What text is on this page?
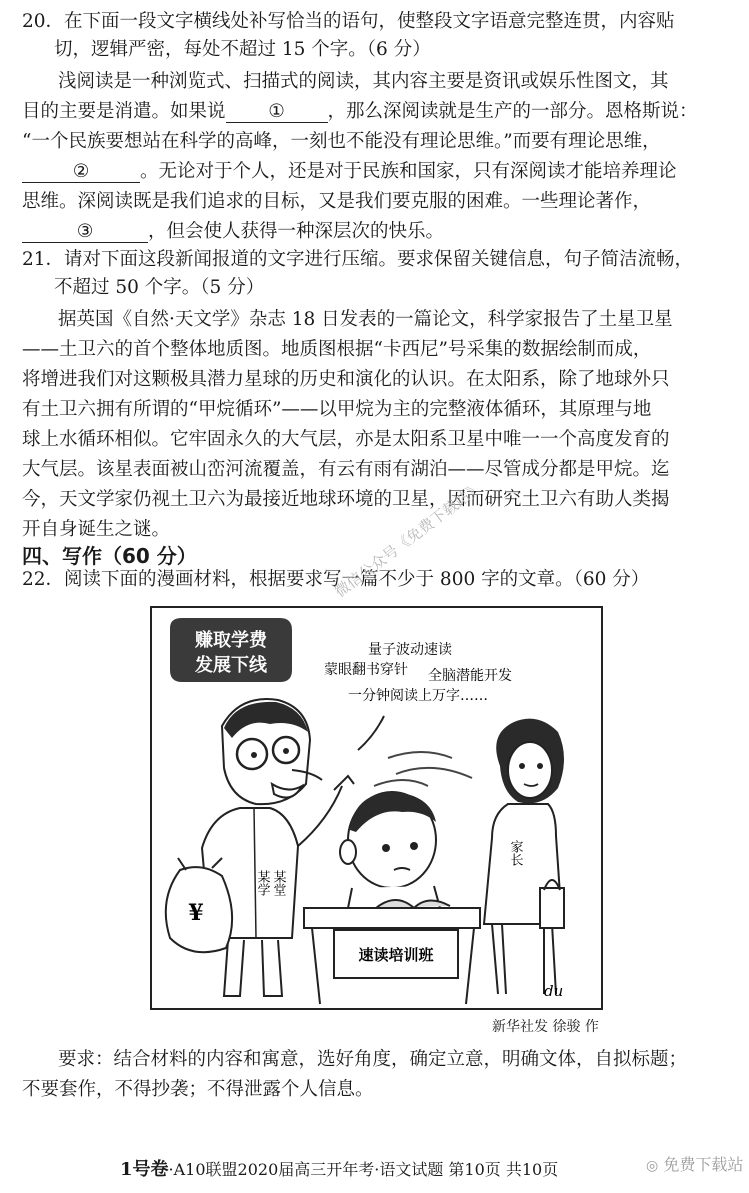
20．在下面一段文字横线处补写恰当的语句，使整段文字语意完整连贯，内容贴
切，逻辑严密，每处不超过 15 个字。（6 分）
浅阅读是一种浏览式、扫描式的阅读，其内容主要是资讯或娱乐性图文，其
目的主要是消遣。如果说 ① ，那么深阅读就是生产的一部分。恩格斯说：
“一个民族要想站在科学的高峰，一刻也不能没有理论思维。”而要有理论思维，
②	。无论对于个人，还是对于民族和国家，只有深阅读才能培养理论
思维。深阅读既是我们追求的目标，又是我们要克服的困难。一些理论著作，
③	，但会使人获得一种深层次的快乐。
21．请对下面这段新闻报道的文字进行压缩。要求保留关键信息，句子简洁流畅，
不超过 50 个字。（5 分）
据英国《自然·天文学》杂志 18 日发表的一篇论文，科学家报告了土星卫星
——土卫六的首个整体地质图。地质图根据“卡西尼”号采集的数据绘制而成，
将增进我们对这颗极具潜力星球的历史和演化的认识。在太阳系，除了地球外只
有土卫六拥有所谓的“甲烷循环”——以甲烷为主的完整液体循环，其原理与地
球上水循环相似。它牢固永久的大气层，亦是太阳系卫星中唯一一个高度发育的
大气层。该星表面被山峦河流覆盖，有云有雨有湖泊——尽管成分都是甲烷。迄
今，天文学家仍视土卫六为最接近地球环境的卫星，因而研究土卫六有助人类揭
开自身诞生之谜。
四、写作（60 分）
22．阅读下面的漫画材料，根据要求写一篇不少于 800 字的文章。（60 分）
微信公众号《免费下载站》
赚取学费
发展下线
量子波动速读
蒙眼翻书穿针 全脑潜能开发
一分钟阅读上万字……
某学 某堂
¥
速读培训班
家长
du
新华社发 徐骏 作
要求：结合材料的内容和寓意，选好角度，确定立意，明确文体，自拟标题；
不要套作，不得抄袭；不得泄露个人信息。
1号卷·A10联盟2020届高三开年考·语文试题 第10页 共10页	◎ 免费下载站
